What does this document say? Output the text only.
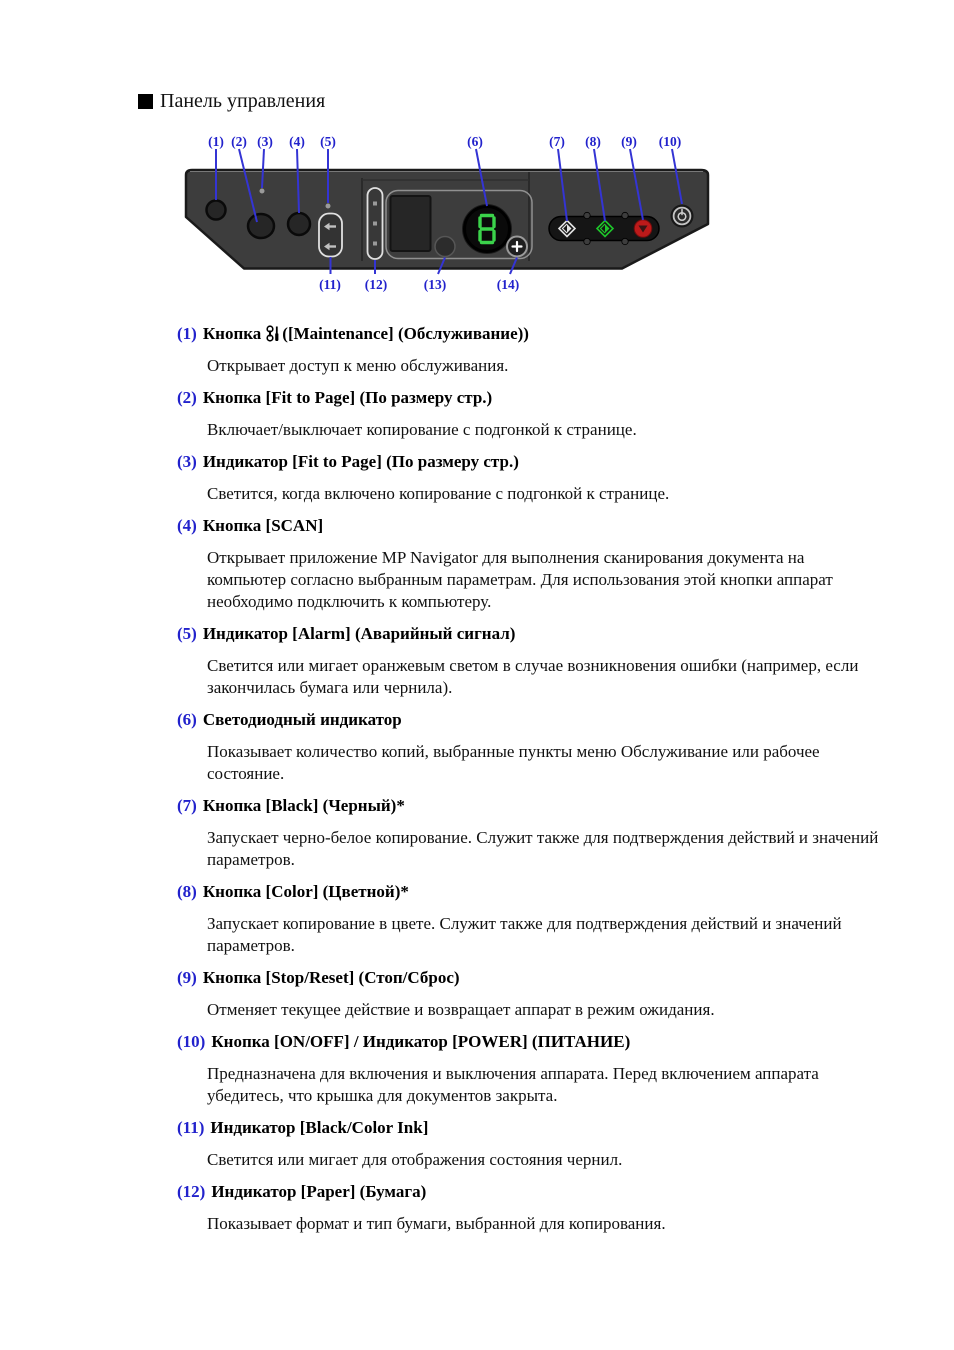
Панель управления
8
(1) (2) (3) (4) (5)	(6)	(7) (8) (9) (10)
(11) (12)	(13)	(14)
(1) Кнопка ([Maintenance] (Обслуживание))
Открывает доступ к меню обслуживания.
(2) Кнопка [Fit to Page] (По размеру стр.)
Включает/выключает копирование с подгонкой к странице.
(3) Индикатор [Fit to Page] (По размеру стр.)
Светится, когда включено копирование с подгонкой к странице.
(4) Кнопка [SCAN]
Открывает приложение MP Navigator для выполнения сканирования документа на компьютер согласно выбранным параметрам. Для использования этой кнопки аппарат необходимо подключить к компьютеру.
(5) Индикатор [Alarm] (Аварийный сигнал)
Светится или мигает оранжевым светом в случае возникновения ошибки (например, если закончилась бумага или чернила).
(6) Светодиодный индикатор
Показывает количество копий, выбранные пункты меню Обслуживание или рабочее состояние.
(7) Кнопка [Black] (Черный)*
Запускает черно-белое копирование. Служит также для подтверждения действий и значений параметров.
(8) Кнопка [Color] (Цветной)*
Запускает копирование в цвете. Служит также для подтверждения действий и значений параметров.
(9) Кнопка [Stop/Reset] (Стоп/Сброс)
Отменяет текущее действие и возвращает аппарат в режим ожидания.
(10) Кнопка [ON/OFF] / Индикатор [POWER] (ПИТАНИЕ)
Предназначена для включения и выключения аппарата. Перед включением аппарата убедитесь, что крышка для документов закрыта.
(11) Индикатор [Black/Color Ink]
Светится или мигает для отображения состояния чернил.
(12) Индикатор [Paper] (Бумага)
Показывает формат и тип бумаги, выбранной для копирования.
